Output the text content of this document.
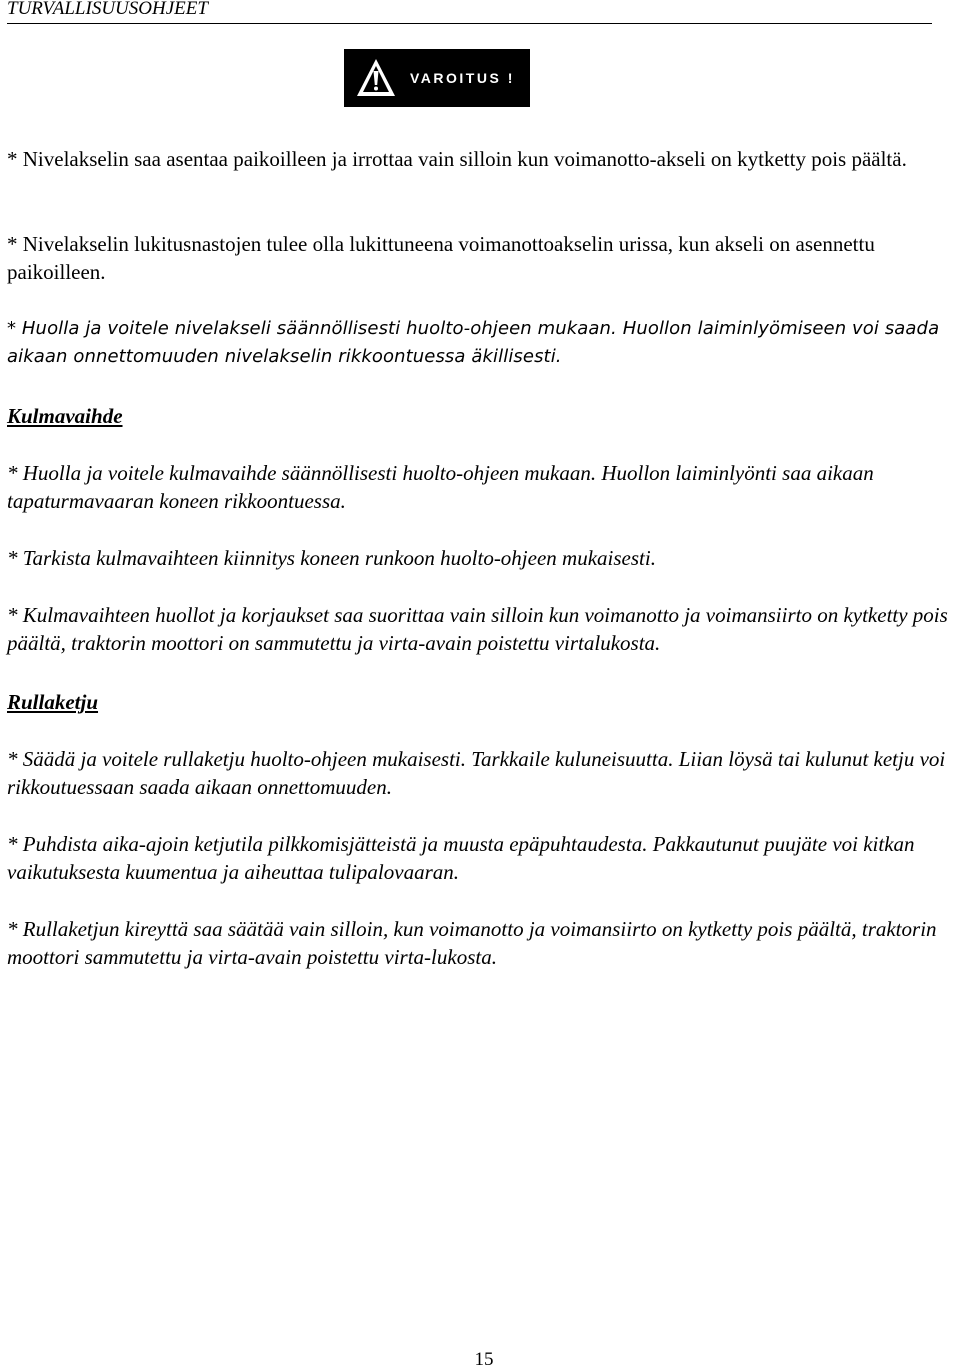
TURVALLISUUSOHJEET
VAROITUS !

* Nivelakselin saa asentaa paikoilleen ja irrottaa vain silloin kun voimanotto-akseli on kytketty pois päältä.

* Nivelakselin lukitusnastojen tulee olla lukittuneena voimanottoakselin urissa, kun akseli on asennettu paikoilleen.

* Huolla ja voitele nivelakseli säännöllisesti huolto-ohjeen mukaan. Huollon laiminlyömiseen voi saada aikaan onnettomuuden nivelakselin rikkoontuessa äkillisesti.

Kulmavaihde

* Huolla ja voitele kulmavaihde säännöllisesti huolto-ohjeen mukaan. Huollon laiminlyönti saa aikaan tapaturmavaaran koneen rikkoontuessa.

* Tarkista kulmavaihteen kiinnitys koneen runkoon huolto-ohjeen mukaisesti.

* Kulmavaihteen huollot ja korjaukset saa suorittaa vain silloin kun voimanotto ja voimansiirto on kytketty pois päältä, traktorin moottori on sammutettu ja virta-avain poistettu virtalukosta.

Rullaketju

* Säädä ja voitele rullaketju huolto-ohjeen mukaisesti. Tarkkaile kuluneisuutta. Liian löysä tai kulunut ketju voi rikkoutuessaan saada aikaan onnettomuuden.

* Puhdista aika-ajoin ketjutila pilkkomisjätteistä ja muusta epäpuhtaudesta. Pakkautunut puujäte voi kitkan vaikutuksesta kuumentua ja aiheuttaa tulipalovaaran.

* Rullaketjun kireyttä saa säätää vain silloin, kun voimanotto ja voimansiirto on kytketty pois päältä, traktorin moottori sammutettu ja virta-avain poistettu virta-lukosta.

15
